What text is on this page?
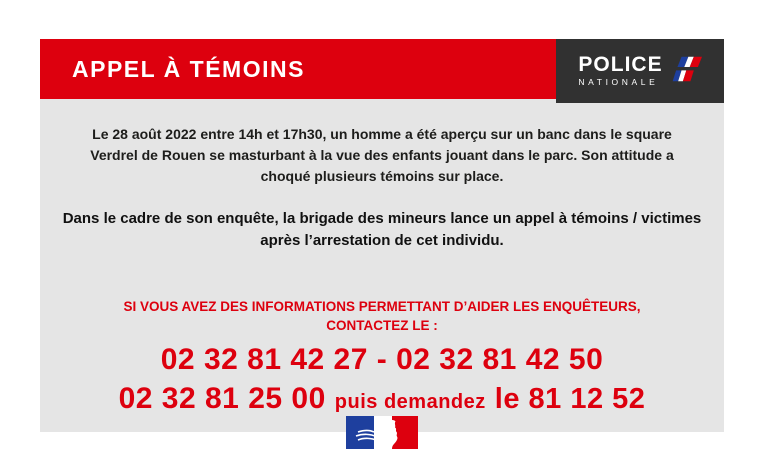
APPEL À TÉMOINS	POLICE
NATIONALE

Le 28 août 2022 entre 14h et 17h30, un homme a été aperçu sur un banc dans le square Verdrel de Rouen se masturbant à la vue des enfants jouant dans le parc. Son attitude a choqué plusieurs témoins sur place.

Dans le cadre de son enquête, la brigade des mineurs lance un appel à témoins / victimes après l’arrestation de cet individu.

SI VOUS AVEZ DES INFORMATIONS PERMETTANT D’AIDER LES ENQUÊTEURS,
CONTACTEZ LE :
02 32 81 42 27 - 02 32 81 42 50
02 32 81 25 00 puis demandez le 81 12 52
